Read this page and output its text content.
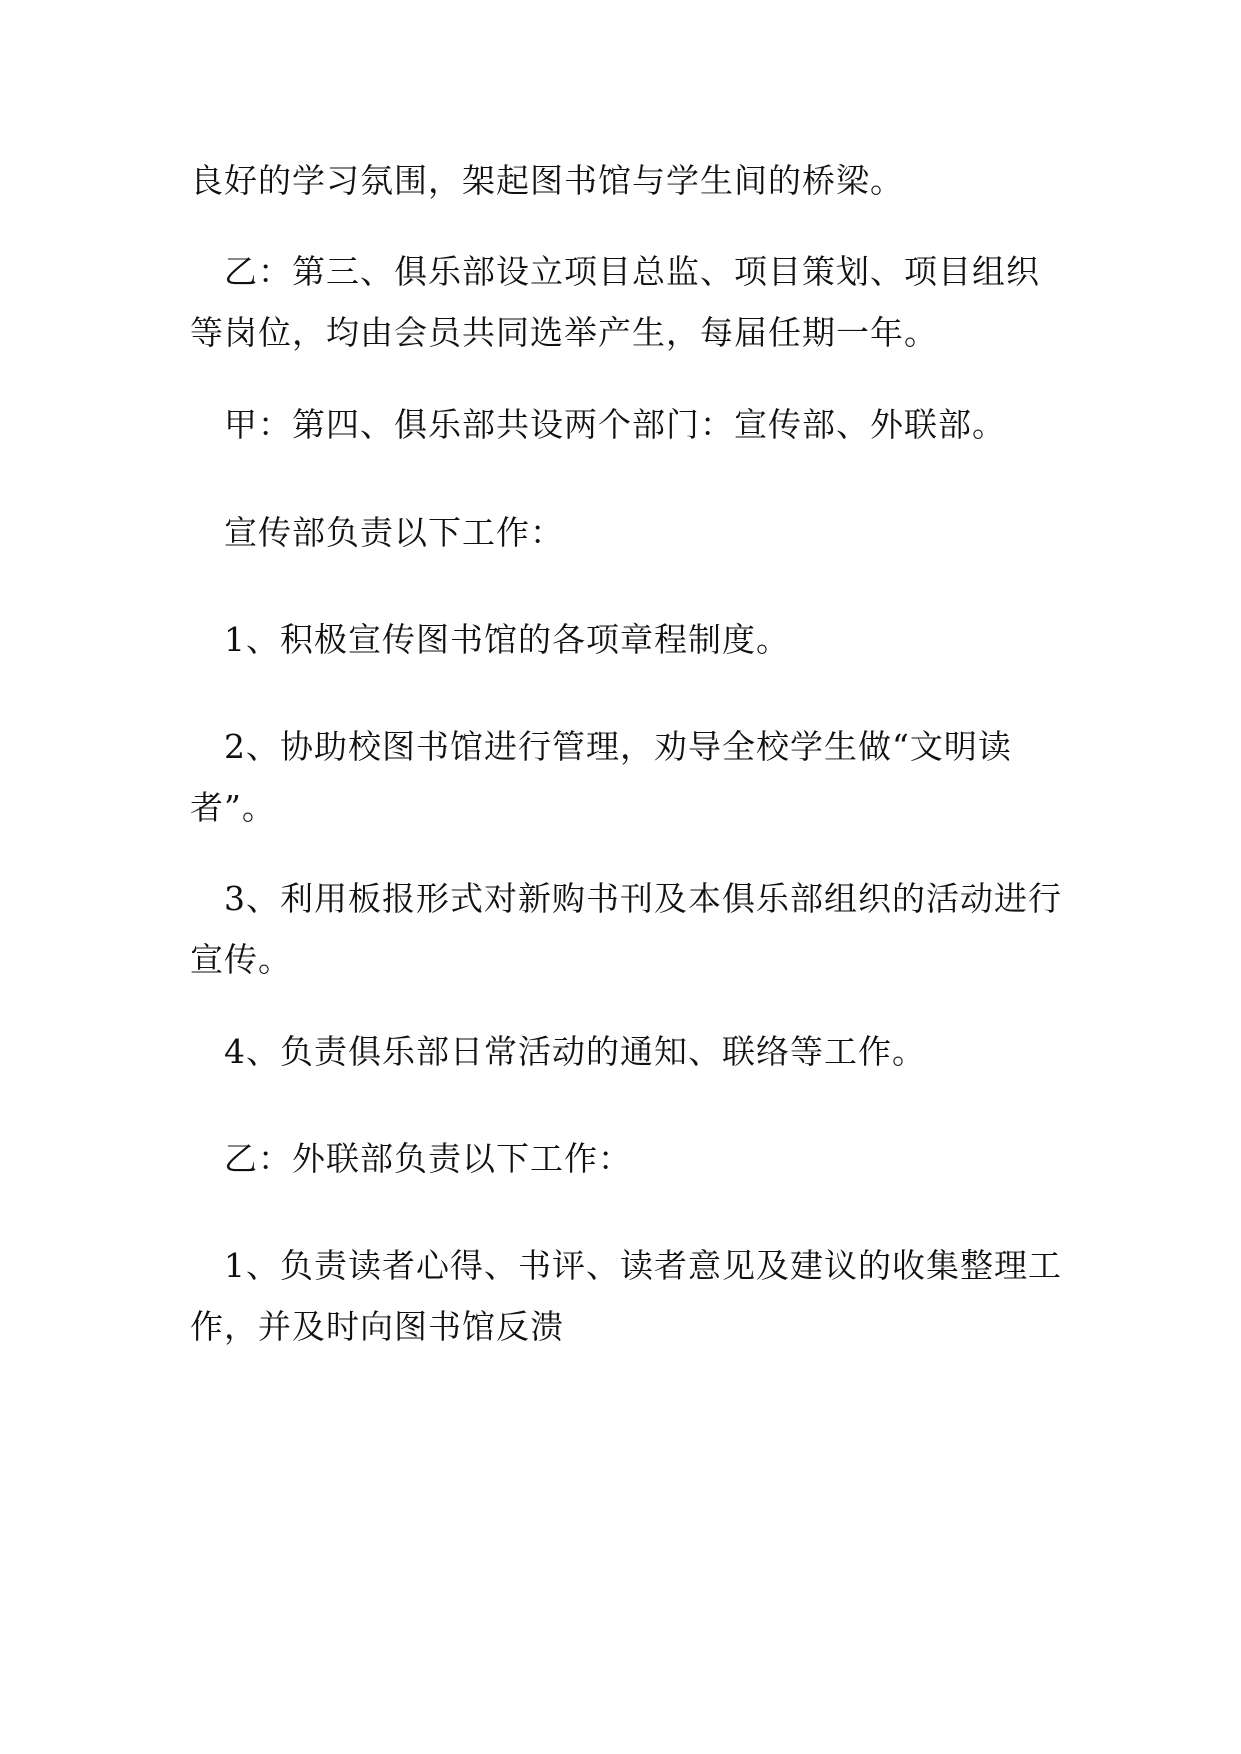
良好的学习氛围，架起图书馆与学生间的桥梁。

乙：第三、俱乐部设立项目总监、项目策划、项目组织等岗位，均由会员共同选举产生，每届任期一年。

甲：第四、俱乐部共设两个部门：宣传部、外联部。

宣传部负责以下工作：

1、积极宣传图书馆的各项章程制度。

2、协助校图书馆进行管理，劝导全校学生做“文明读者”。

3、利用板报形式对新购书刊及本俱乐部组织的活动进行宣传。

4、负责俱乐部日常活动的通知、联络等工作。

乙：外联部负责以下工作：

1、负责读者心得、书评、读者意见及建议的收集整理工作，并及时向图书馆反溃
